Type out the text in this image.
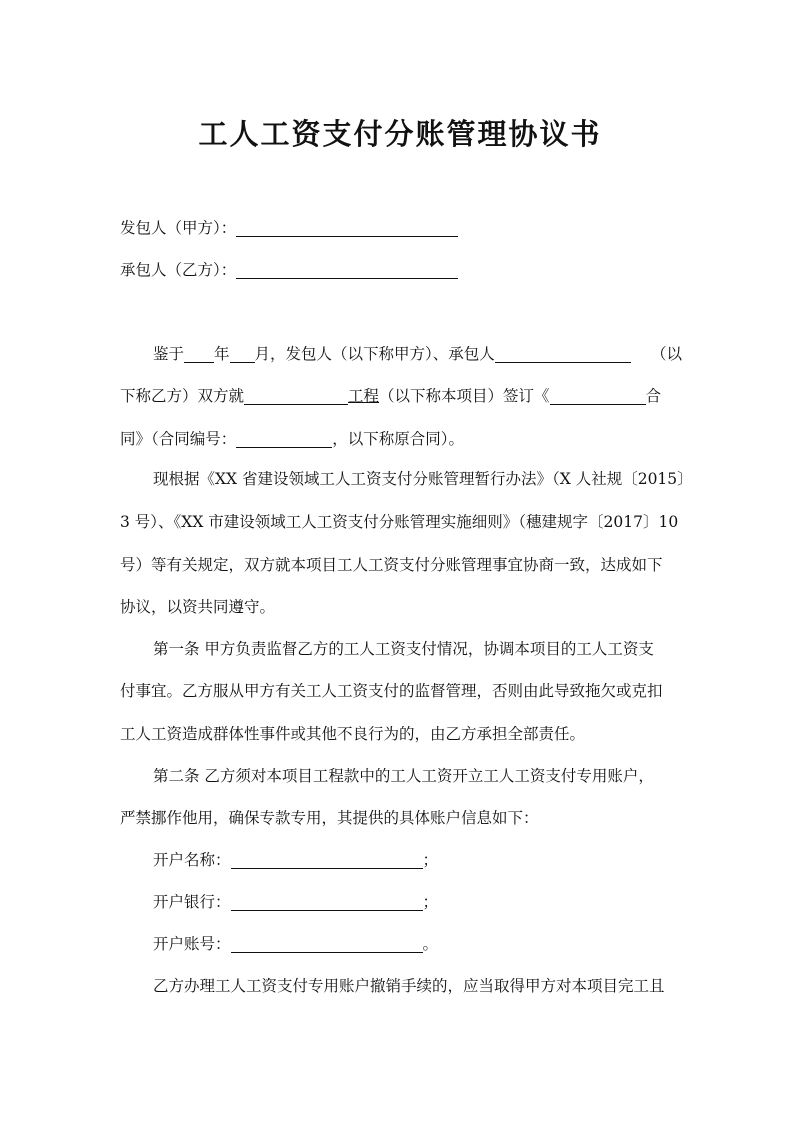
工人工资支付分账管理协议书
发包人（甲方）：
承包人（乙方）：
鉴于 年 月，发包人（以下称甲方）、承包人	（以
下称乙方）双方就	工程（以下称本项目）签订《	合
同》（合同编号：	，以下称原合同）。
现根据《XX 省建设领域工人工资支付分账管理暂行办法》（X 人社规〔2015〕
3 号）、《XX 市建设领域工人工资支付分账管理实施细则》（穗建规字〔2017〕10
号）等有关规定，双方就本项目工人工资支付分账管理事宜协商一致，达成如下
协议，以资共同遵守。
第一条 甲方负责监督乙方的工人工资支付情况，协调本项目的工人工资支
付事宜。乙方服从甲方有关工人工资支付的监督管理，否则由此导致拖欠或克扣
工人工资造成群体性事件或其他不良行为的，由乙方承担全部责任。
第二条 乙方须对本项目工程款中的工人工资开立工人工资支付专用账户，
严禁挪作他用，确保专款专用，其提供的具体账户信息如下：
开户名称：	；
开户银行：	；
开户账号：	。
乙方办理工人工资支付专用账户撤销手续的，应当取得甲方对本项目完工且
